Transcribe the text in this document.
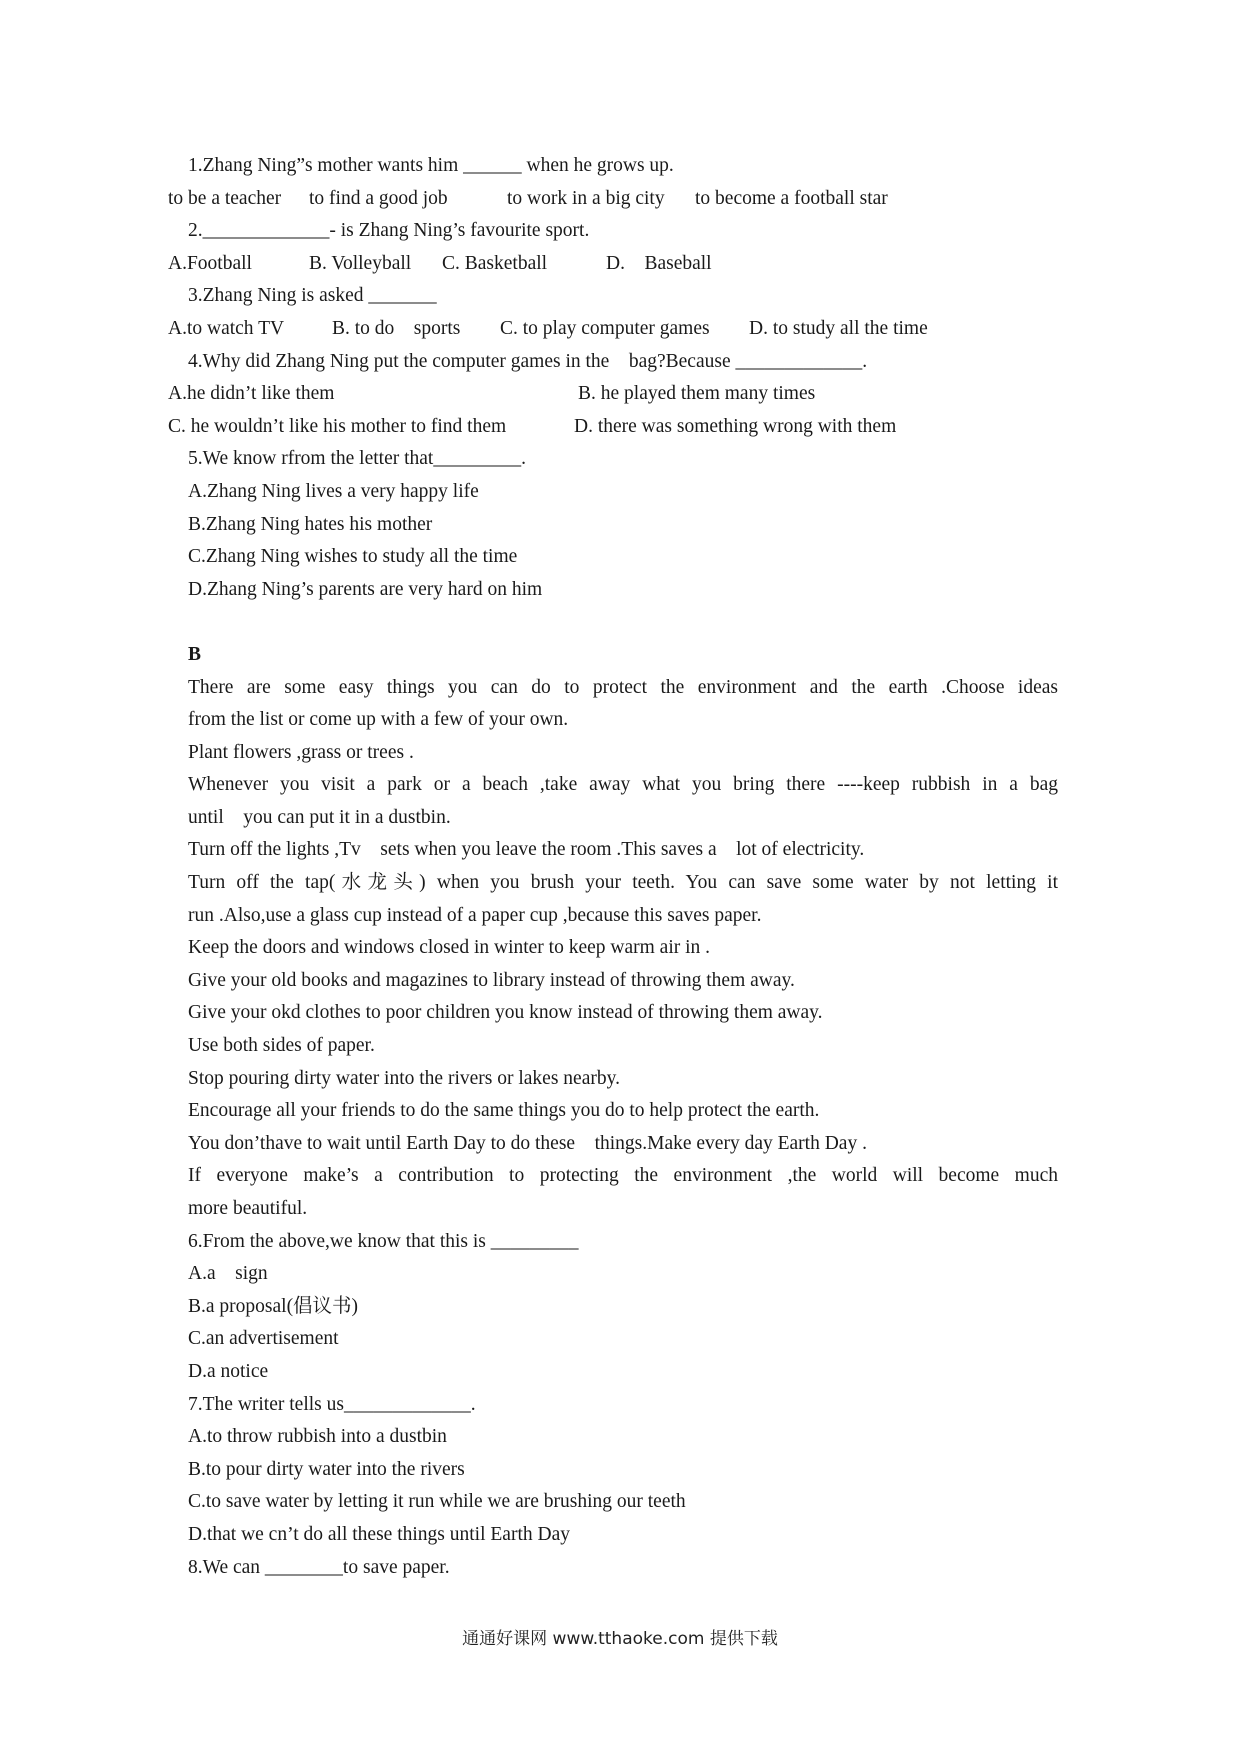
1.Zhang Ning”s mother wants him ______ when he grows up.

to be a teacher

to find a good job

	to work in a big city

to become a football star

2._____________- is Zhang Ning’s favourite sport.

A.Football

	B. Volleyball

C. Basketball

	D.    Baseball

3.Zhang Ning is asked _______

A.to watch TV

B. to do    sports

C. to play computer games

D. to study all the time

4.Why did Zhang Ning put the computer games in the    bag?Because _____________.

A.he didn’t like them

	B. he played them many times

C. he wouldn’t like his mother to find them

	D. there was something wrong with them

5.We know rfrom the letter that_________.
A.Zhang Ning lives a very happy life
B.Zhang Ning hates his mother
C.Zhang Ning wishes to study all the time
D.Zhang Ning’s parents are very hard on him
B
There are some easy things you can do to protect the environment and the earth .Choose ideas
from the list or come up with a few of your own.
Plant flowers ,grass or trees .
Whenever you visit a park or a beach ,take away what you bring there ----keep rubbish in a bag
until    you can put it in a dustbin.
Turn off the lights ,Tv    sets when you leave the room .This saves a    lot of electricity.
Turn off the tap(水龙头) when you brush your teeth. You can save some water by not letting it
run .Also,use a glass cup instead of a paper cup ,because this saves paper.
Keep the doors and windows closed in winter to keep warm air in .
Give your old books and magazines to library instead of throwing them away.
Give your okd clothes to poor children you know instead of throwing them away.
Use both sides of paper.
Stop pouring dirty water into the rivers or lakes nearby.
Encourage all your friends to do the same things you do to help protect the earth.
You don’thave to wait until Earth Day to do these    things.Make every day Earth Day .
If everyone make’s a contribution to protecting the environment ,the world will become much
more beautiful.
6.From the above,we know that this is _________
A.a    sign
B.a proposal(倡议书)
C.an advertisement
D.a notice
7.The writer tells us_____________.
A.to throw rubbish into a dustbin
B.to pour dirty water into the rivers
C.to save water by letting it run while we are brushing our teeth
D.that we cn’t do all these things until Earth Day
8.We can ________to save paper.
通通好课网 www.tthaoke.com 提供下载
